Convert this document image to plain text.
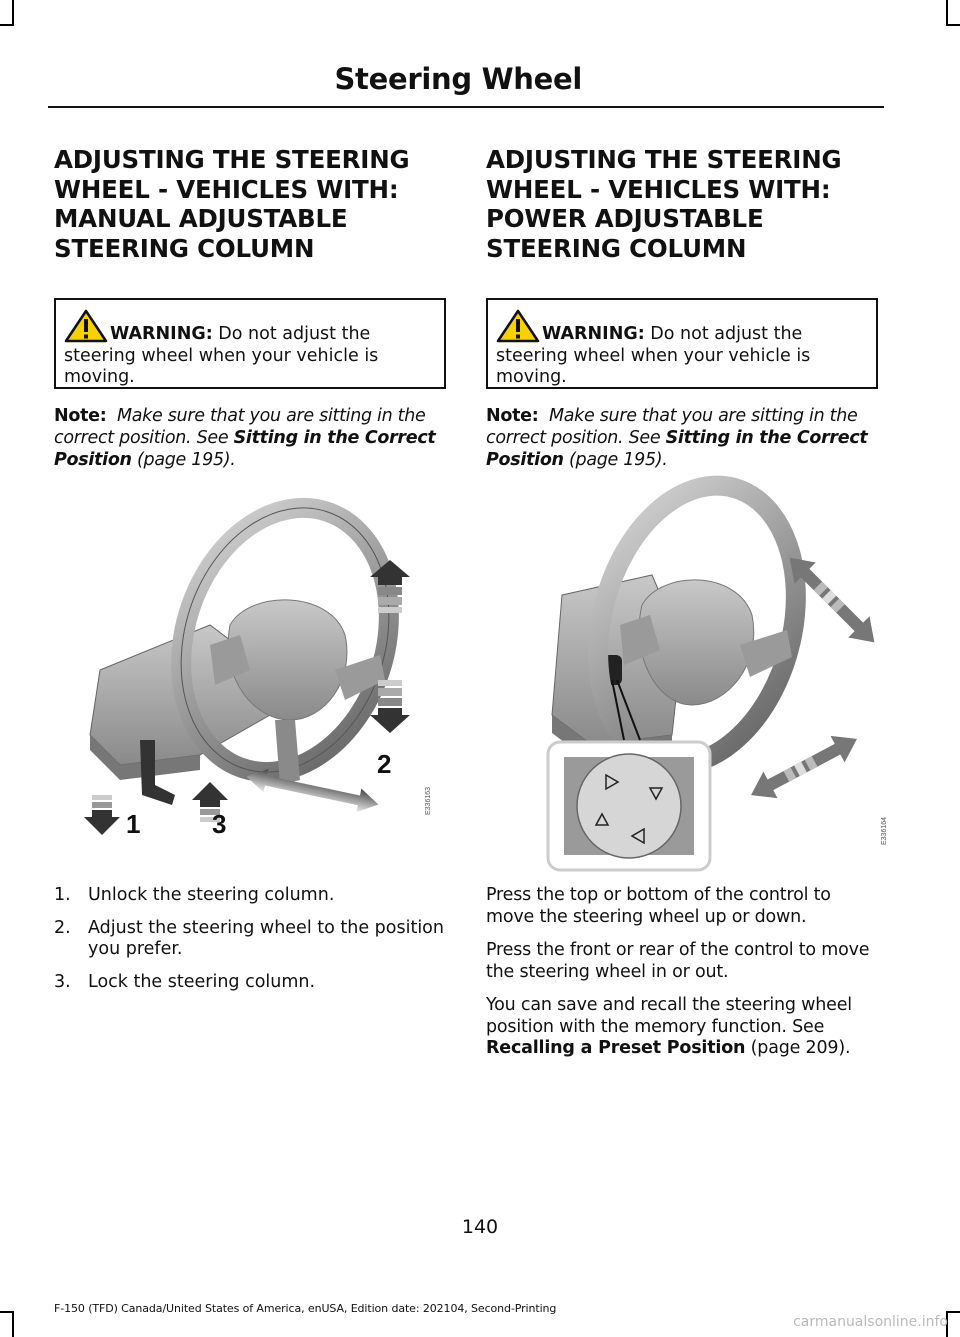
Steering Wheel
ADJUSTING THE STEERING WHEEL - VEHICLES WITH: MANUAL ADJUSTABLE STEERING COLUMN
WARNING: Do not adjust the steering wheel when your vehicle is moving.
Note: Make sure that you are sitting in the correct position. See Sitting in the Correct Position (page 195).
1	3
2
E336163
1. Unlock the steering column.
2. Adjust the steering wheel to the position you prefer.
3. Lock the steering column.
ADJUSTING THE STEERING WHEEL - VEHICLES WITH: POWER ADJUSTABLE STEERING COLUMN
WARNING: Do not adjust the steering wheel when your vehicle is moving.
Note: Make sure that you are sitting in the correct position. See Sitting in the Correct Position (page 195).
E336164

Press the top or bottom of the control to move the steering wheel up or down.

Press the front or rear of the control to move the steering wheel in or out.

You can save and recall the steering wheel position with the memory function. See Recalling a Preset Position (page 209).

140
F-150 (TFD) Canada/United States of America, enUSA, Edition date: 202104, Second-Printing
carmanualsonline.info
